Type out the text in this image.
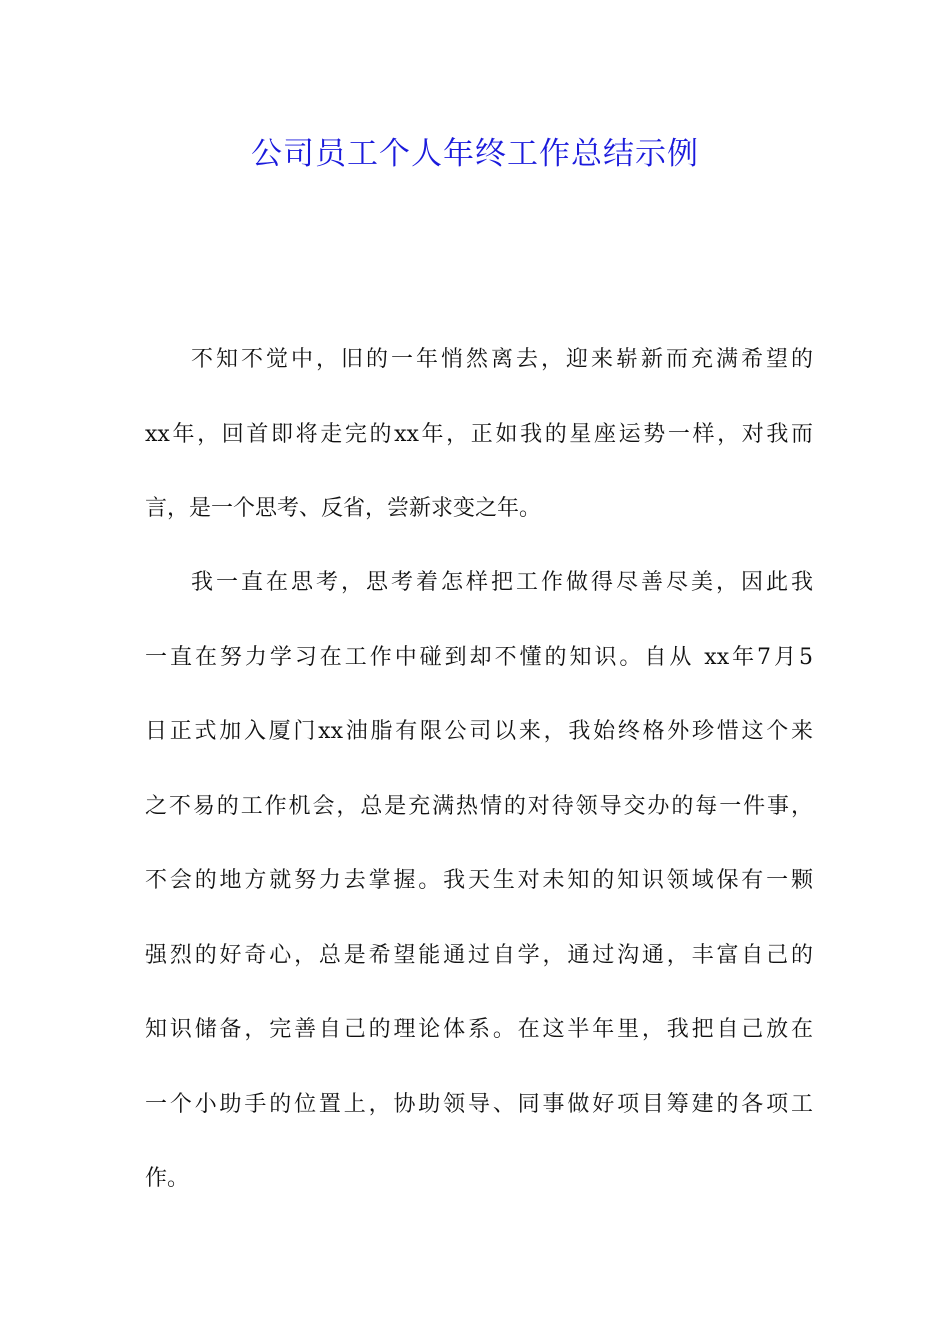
公司员工个人年终工作总结示例
不知不觉中，旧的一年悄然离去，迎来崭新而充满希望的
xx年，回首即将走完的xx年，正如我的星座运势一样，对我而
言，是一个思考、反省，尝新求变之年。
我一直在思考，思考着怎样把工作做得尽善尽美，因此我
一直在努力学习在工作中碰到却不懂的知识。自从 xx年7月5
日正式加入厦门xx油脂有限公司以来，我始终格外珍惜这个来
之不易的工作机会，总是充满热情的对待领导交办的每一件事，
不会的地方就努力去掌握。我天生对未知的知识领域保有一颗
强烈的好奇心，总是希望能通过自学，通过沟通，丰富自己的
知识储备，完善自己的理论体系。在这半年里，我把自己放在
一个小助手的位置上，协助领导、同事做好项目筹建的各项工
作。
